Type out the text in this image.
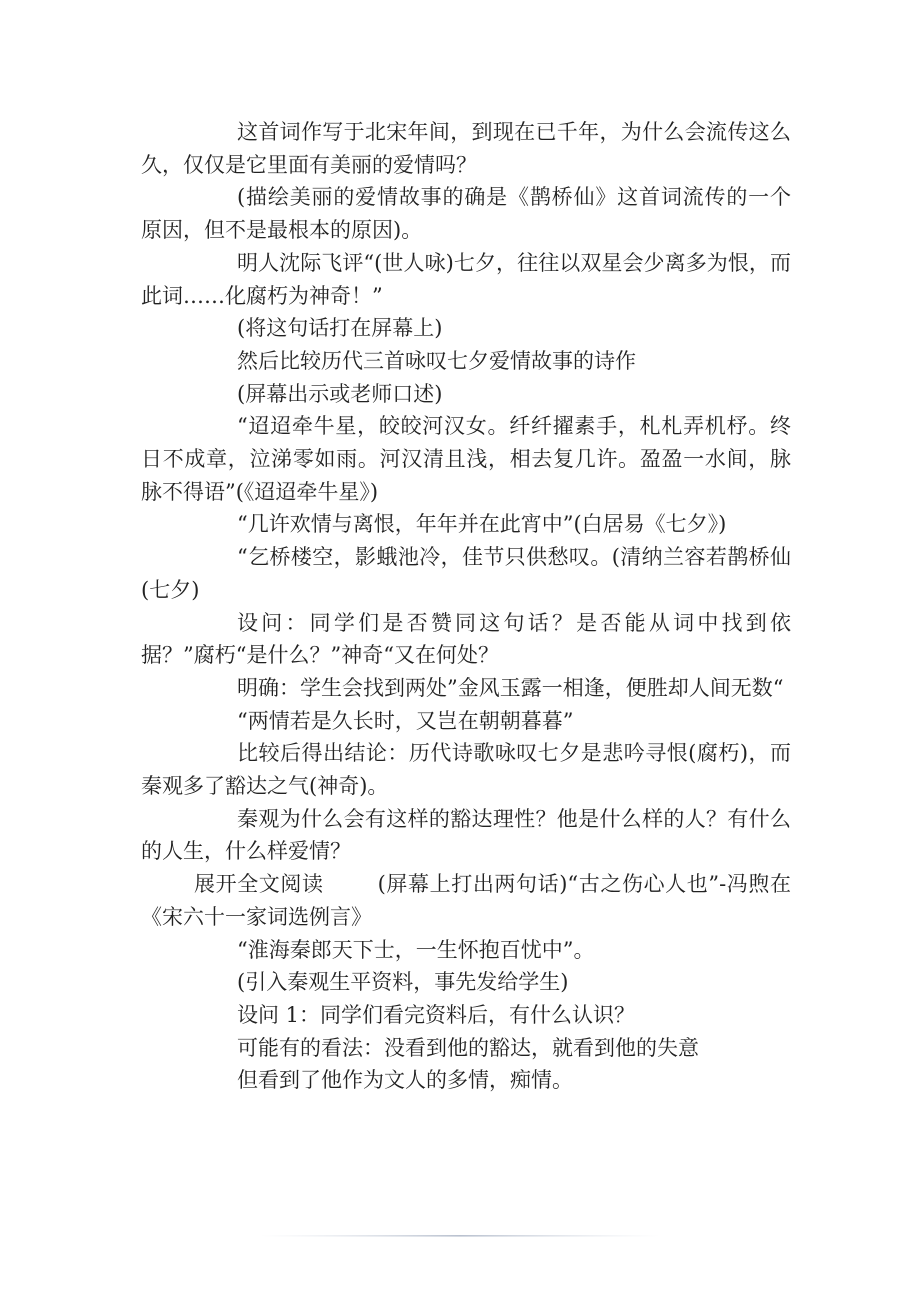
这首词作写于北宋年间，到现在已千年，为什么会流传这么久，仅仅是它里面有美丽的爱情吗？

(描绘美丽的爱情故事的确是《鹊桥仙》这首词流传的一个原因，但不是最根本的原因)。

明人沈际飞评“(世人咏)七夕，往往以双星会少离多为恨，而此词……化腐朽为神奇！”

(将这句话打在屏幕上)

然后比较历代三首咏叹七夕爱情故事的诗作

(屏幕出示或老师口述)

“迢迢牵牛星，皎皎河汉女。纤纤擢素手，札札弄机杼。终日不成章，泣涕零如雨。河汉清且浅，相去复几许。盈盈一水间，脉脉不得语”(《迢迢牵牛星》)

“几许欢情与离恨，年年并在此宵中”(白居易《七夕》)

“乞桥楼空，影蛾池冷，佳节只供愁叹。(清纳兰容若鹊桥仙(七夕)

设问：同学们是否赞同这句话？是否能从词中找到依据？”腐朽“是什么？”神奇“又在何处？

明确：学生会找到两处”金风玉露一相逢，便胜却人间无数“

“两情若是久长时，又岂在朝朝暮暮”

比较后得出结论：历代诗歌咏叹七夕是悲吟寻恨(腐朽)，而秦观多了豁达之气(神奇)。

秦观为什么会有这样的豁达理性？他是什么样的人？有什么的人生，什么样爱情？

展开全文阅读	(屏幕上打出两句话)“古之伤心人也”-冯煦在《宋六十一家词选例言》

“淮海秦郎天下士，一生怀抱百忧中”。

(引入秦观生平资料，事先发给学生)

设问 1：同学们看完资料后，有什么认识？

可能有的看法：没看到他的豁达，就看到他的失意

但看到了他作为文人的多情，痴情。
